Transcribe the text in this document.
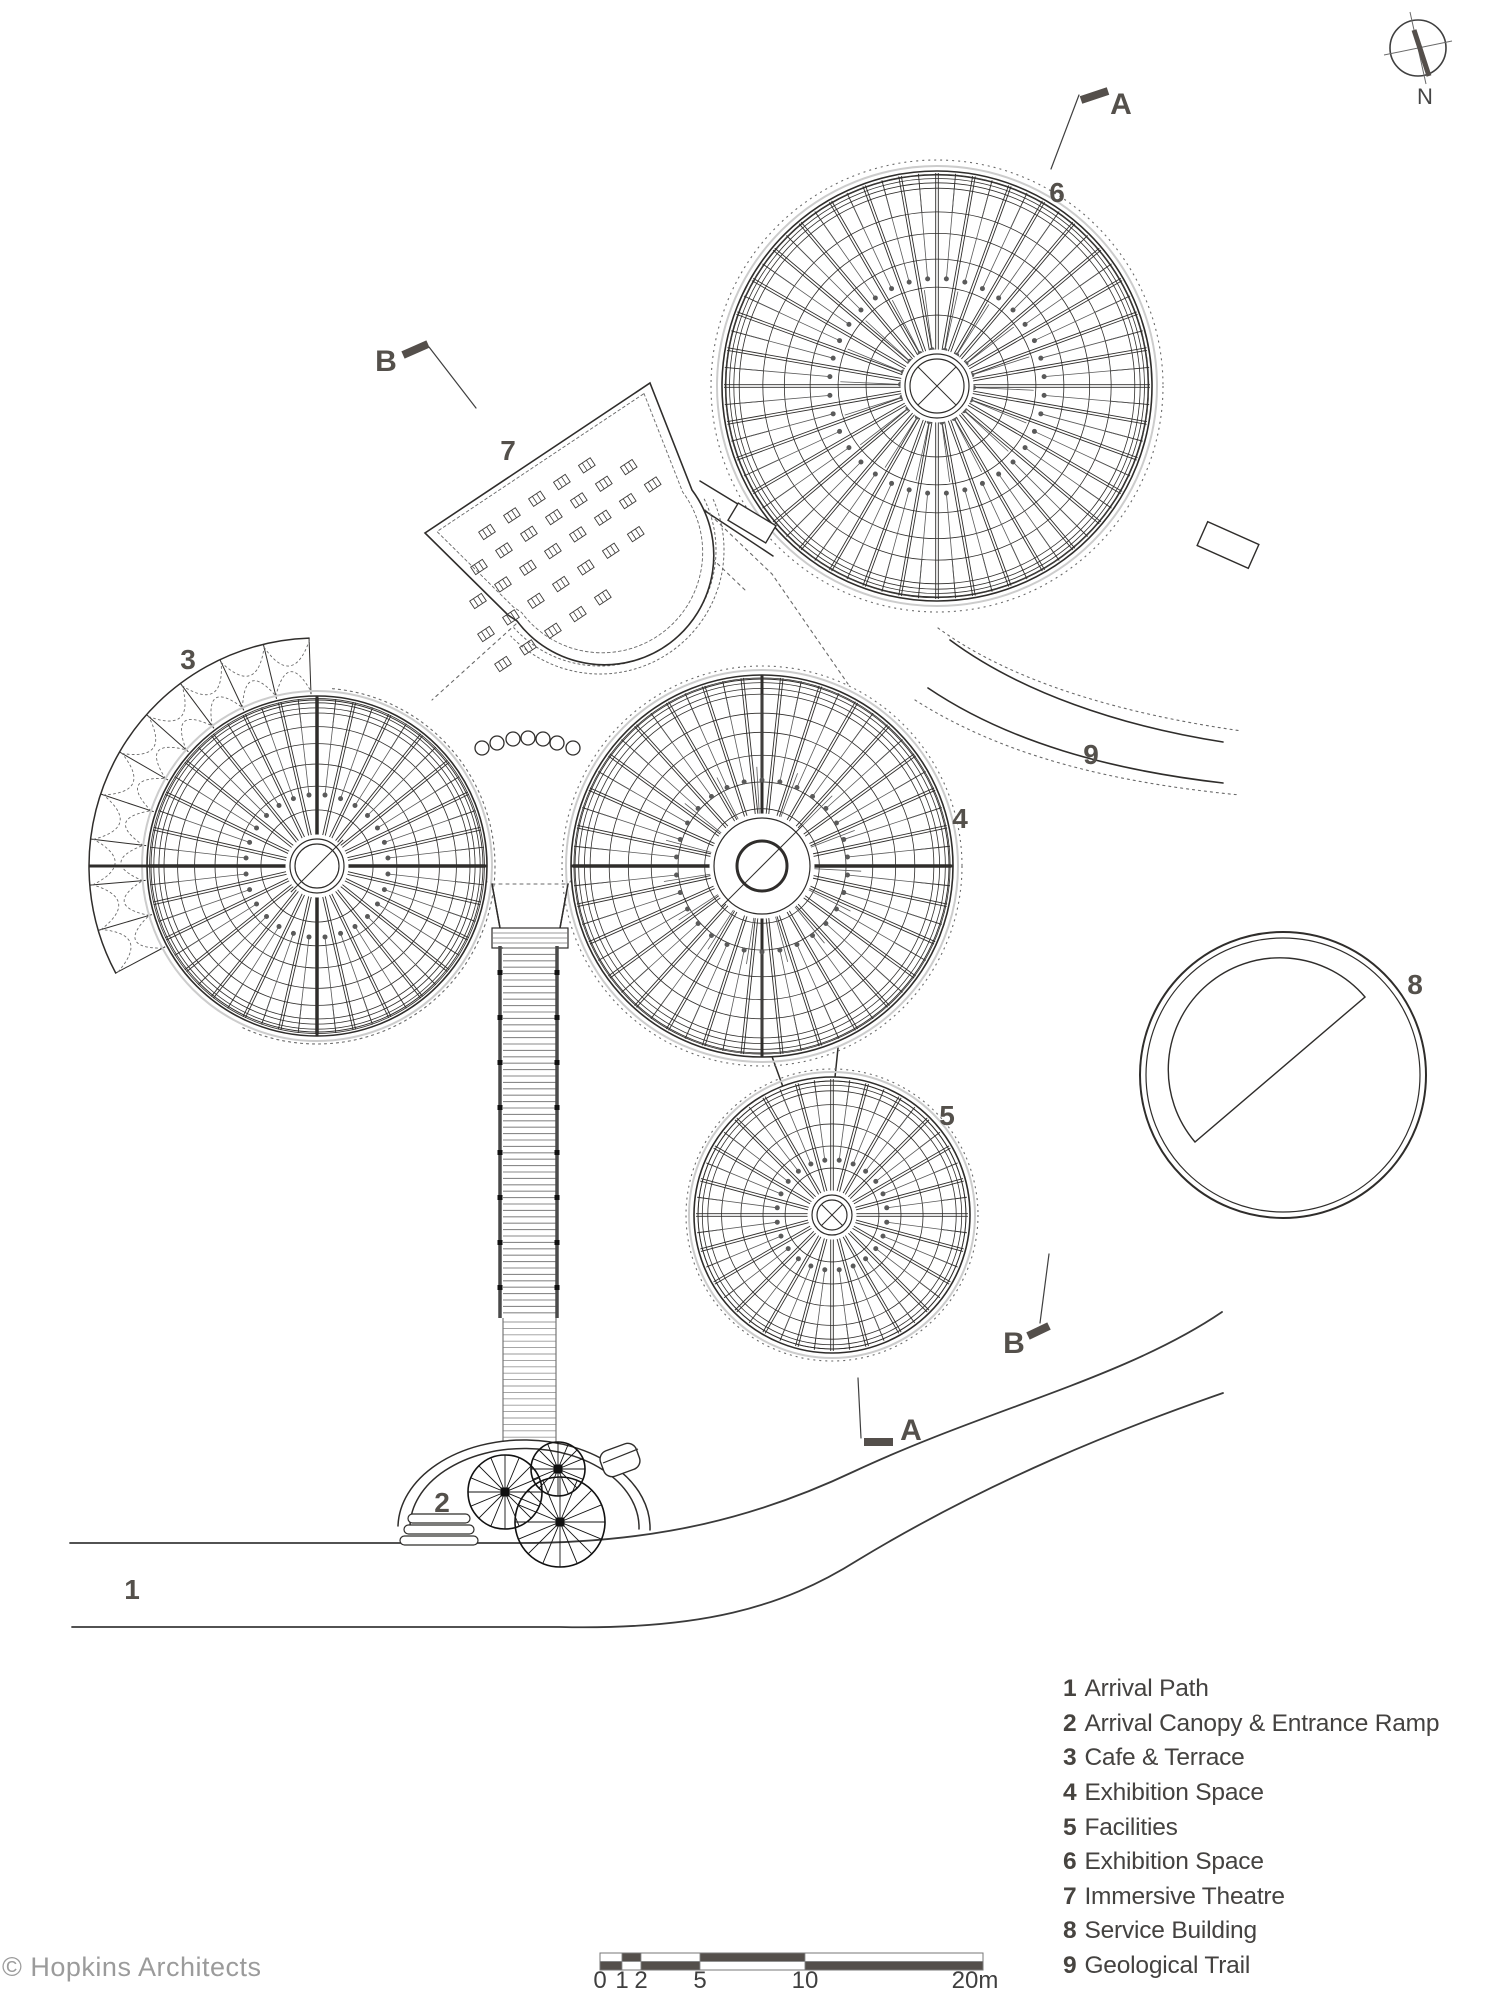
1
2
3
4
5
6
7
8
9
A
B
A
B
N
1 Arrival Path
2 Arrival Canopy & Entrance Ramp
3 Cafe & Terrace
4 Exhibition Space
5 Facilities
6 Exhibition Space
7 Immersive Theatre
8 Service Building
9 Geological Trail
0 1 2 5	10	20m
© Hopkins Architects
